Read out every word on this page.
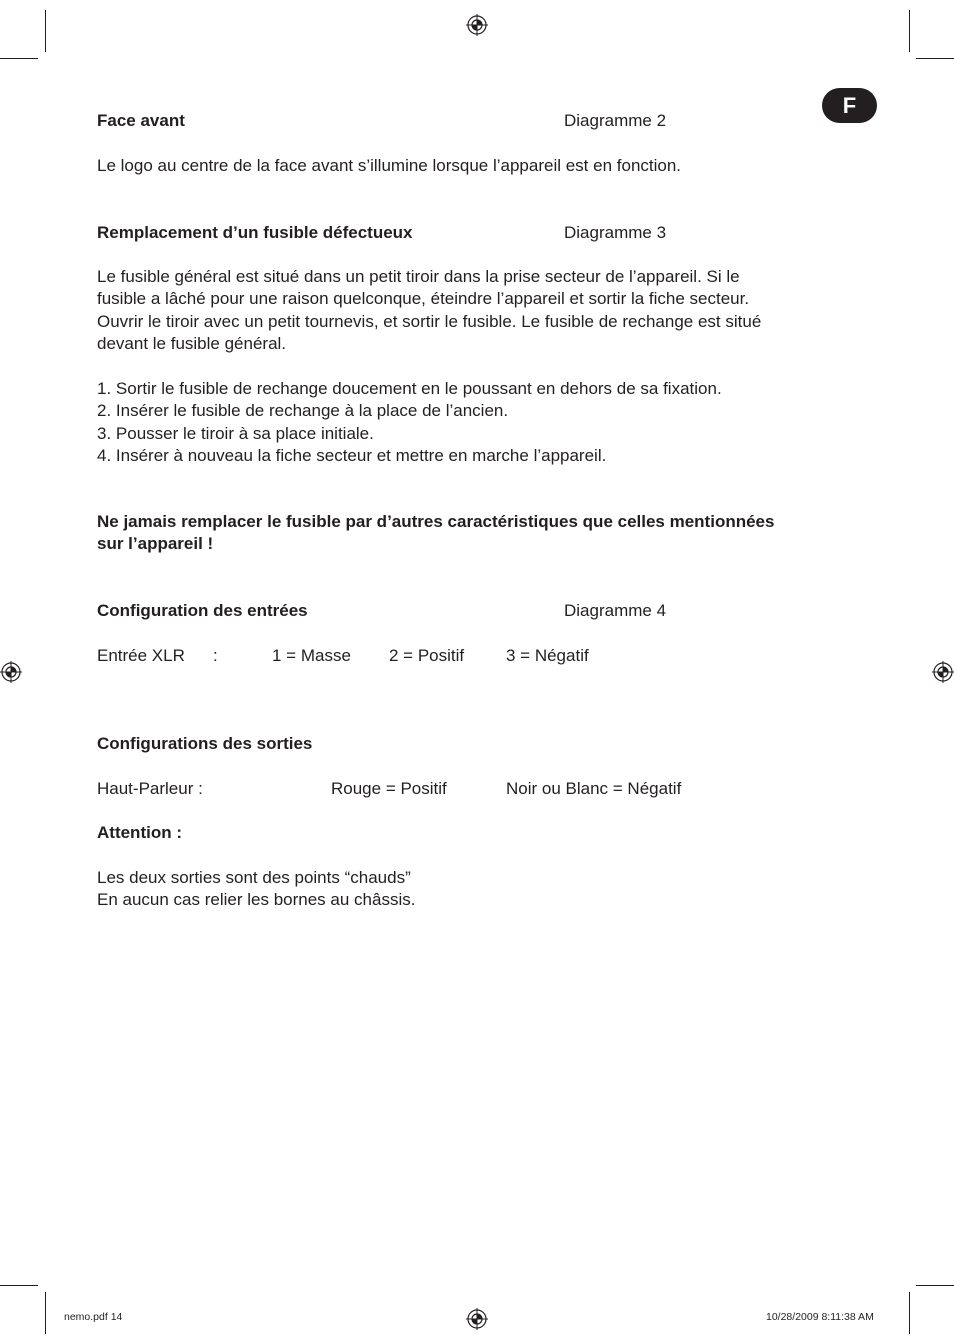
F
Face avant	Diagramme 2
Le logo au centre de la face avant s’illumine lorsque l’appareil est en fonction.
Remplacement d’un fusible défectueux	Diagramme 3
Le fusible général est situé dans un petit tiroir dans la prise secteur de l’appareil. Si le
fusible a lâché pour une raison quelconque, éteindre l’appareil et sortir la fiche secteur.
Ouvrir le tiroir avec un petit tournevis, et sortir le fusible. Le fusible de rechange est situé
devant le fusible général.
1. Sortir le fusible de rechange doucement en le poussant en dehors de sa fixation.
2. Insérer le fusible de rechange à la place de l’ancien.
3. Pousser le tiroir à sa place initiale.
4. Insérer à nouveau la fiche secteur et mettre en marche l’appareil.
Ne jamais remplacer le fusible par d’autres caractéristiques que celles mentionnées
sur l’appareil !
Configuration des entrées	Diagramme 4
Entrée XLR :	1 = Masse 2 = Positif 3 = Négatif
Configurations des sorties
Haut-Parleur :	Rouge = Positif	Noir ou Blanc = Négatif
Attention :
Les deux sorties sont des points “chauds”
En aucun cas relier les bornes au châssis.
nemo.pdf 14	10/28/2009 8:11:38 AM
